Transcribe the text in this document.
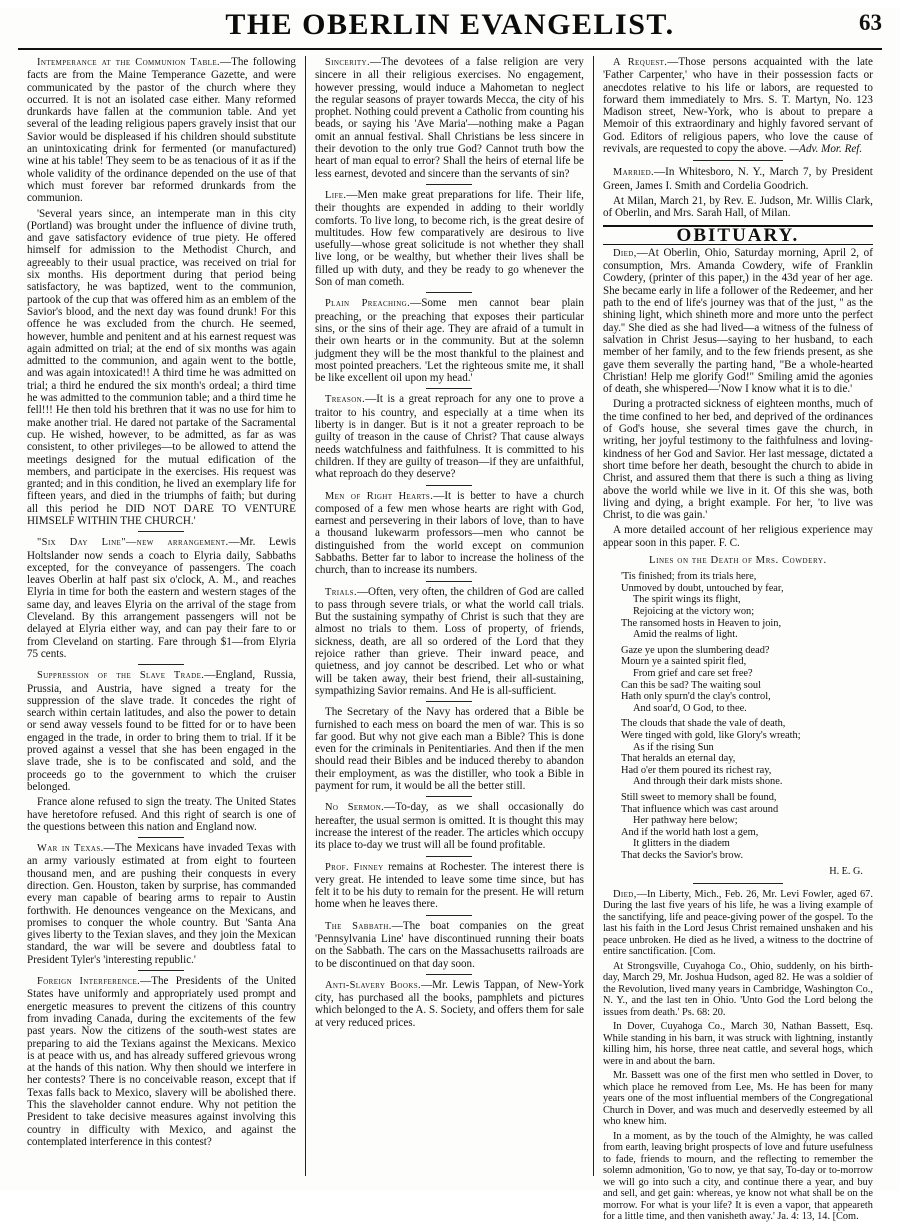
THE OBERLIN EVANGELIST.	63

Intemperance at the Communion Table.—The following facts are from the Maine Temperance Gazette, and were communicated by the pastor of the church where they occurred. It is not an isolated case either. Many reformed drunkards have fallen at the communion table. And yet several of the leading religious papers gravely insist that our Savior would be displeased if his children should substitute an unintoxicating drink for fermented (or manufactured) wine at his table! They seem to be as tenacious of it as if the whole validity of the ordinance depended on the use of that which must forever bar reformed drunkards from the communion.

'Several years since, an intemperate man in this city (Portland) was brought under the influence of divine truth, and gave satisfactory evidence of true piety. He offered himself for admission to the Methodist Church, and agreeably to their usual practice, was received on trial for six months. His deportment during that period being satisfactory, he was baptized, went to the communion, partook of the cup that was offered him as an emblem of the Savior's blood, and the next day was found drunk! For this offence he was excluded from the church. He seemed, however, humble and penitent and at his earnest request was again admitted on trial; at the end of six months was again admitted to the communion, and again went to the bottle, and was again intoxicated!! A third time he was admitted on trial; a third he endured the six month's ordeal; a third time he was admitted to the communion table; and a third time he fell!!! He then told his brethren that it was no use for him to make another trial. He dared not partake of the Sacramental cup. He wished, however, to be admitted, as far as was consistent, to other privileges—to be allowed to attend the meetings designed for the mutual edification of the members, and participate in the exercises. His request was granted; and in this condition, he lived an exemplary life for fifteen years, and died in the triumphs of faith; but during all this period he DID NOT DARE TO VENTURE HIMSELF WITHIN THE CHURCH.'

"Six Day Line"—new arrangement.—Mr. Lewis Holtslander now sends a coach to Elyria daily, Sabbaths excepted, for the conveyance of passengers. The coach leaves Oberlin at half past six o'clock, A. M., and reaches Elyria in time for both the eastern and western stages of the same day, and leaves Elyria on the arrival of the stage from Cleveland. By this arrangement passengers will not be delayed at Elyria either way, and can pay their fare to or from Cleveland on starting. Fare through $1—from Elyria 75 cents.

Suppression of the Slave Trade.—England, Russia, Prussia, and Austria, have signed a treaty for the suppression of the slave trade. It concedes the right of search within certain latitudes, and also the power to detain or send away vessels found to be fitted for or to have been engaged in the trade, in order to bring them to trial. If it be proved against a vessel that she has been engaged in the slave trade, she is to be confiscated and sold, and the proceeds go to the government to which the cruiser belonged.

France alone refused to sign the treaty. The United States have heretofore refused. And this right of search is one of the questions between this nation and England now.

War in Texas.—The Mexicans have invaded Texas with an army variously estimated at from eight to fourteen thousand men, and are pushing their conquests in every direction. Gen. Houston, taken by surprise, has commanded every man capable of bearing arms to repair to Austin forthwith. He denounces vengeance on the Mexicans, and promises to conquer the whole country. But 'Santa Ana gives liberty to the Texian slaves, and they join the Mexican standard, the war will be severe and doubtless fatal to President Tyler's 'interesting republic.'

Foreign Interference.—The Presidents of the United States have uniformly and appropriately used prompt and energetic measures to prevent the citizens of this country from invading Canada, during the excitements of the few past years. Now the citizens of the south-west states are preparing to aid the Texians against the Mexicans. Mexico is at peace with us, and has already suffered grievous wrong at the hands of this nation. Why then should we interfere in her contests? There is no conceivable reason, except that if Texas falls back to Mexico, slavery will be abolished there. This the slaveholder cannot endure. Why not petition the President to take decisive measures against involving this country in difficulty with Mexico, and against the contemplated interference in this contest?

Sincerity.—The devotees of a false religion are very sincere in all their religious exercises. No engagement, however pressing, would induce a Mahometan to neglect the regular seasons of prayer towards Mecca, the city of his prophet. Nothing could prevent a Catholic from counting his beads, or saying his 'Ave Maria'—nothing make a Pagan omit an annual festival. Shall Christians be less sincere in their devotion to the only true God? Cannot truth bow the heart of man equal to error? Shall the heirs of eternal life be less earnest, devoted and sincere than the servants of sin?

Life.—Men make great preparations for life. Their life, their thoughts are expended in adding to their worldly comforts. To live long, to become rich, is the great desire of multitudes. How few comparatively are desirous to live usefully—whose great solicitude is not whether they shall live long, or be wealthy, but whether their lives shall be filled up with duty, and they be ready to go whenever the Son of man cometh.

Plain Preaching.—Some men cannot bear plain preaching, or the preaching that exposes their particular sins, or the sins of their age. They are afraid of a tumult in their own hearts or in the community. But at the solemn judgment they will be the most thankful to the plainest and most pointed preachers. 'Let the righteous smite me, it shall be like excellent oil upon my head.'

Treason.—It is a great reproach for any one to prove a traitor to his country, and especially at a time when its liberty is in danger. But is it not a greater reproach to be guilty of treason in the cause of Christ? That cause always needs watchfulness and faithfulness. It is committed to his children. If they are guilty of treason—if they are unfaithful, what reproach do they deserve?

Men of Right Hearts.—It is better to have a church composed of a few men whose hearts are right with God, earnest and persevering in their labors of love, than to have a thousand lukewarm professors—men who cannot be distinguished from the world except on communion Sabbaths. Better far to labor to increase the holiness of the church, than to increase its numbers.

Trials.—Often, very often, the children of God are called to pass through severe trials, or what the world call trials. But the sustaining sympathy of Christ is such that they are almost no trials to them. Loss of property, of friends, sickness, death, are all so ordered of the Lord that they rejoice rather than grieve. Their inward peace, and quietness, and joy cannot be described. Let who or what will be taken away, their best friend, their all-sustaining, sympathizing Savior remains. And He is all-sufficient.

The Secretary of the Navy has ordered that a Bible be furnished to each mess on board the men of war. This is so far good. But why not give each man a Bible? This is done even for the criminals in Penitentiaries. And then if the men should read their Bibles and be induced thereby to abandon their employment, as was the distiller, who took a Bible in payment for rum, it would be all the better still.

No Sermon.—To-day, as we shall occasionally do hereafter, the usual sermon is omitted. It is thought this may increase the interest of the reader. The articles which occupy its place to-day we trust will all be found profitable.

Prof. Finney remains at Rochester. The interest there is very great. He intended to leave some time since, but has felt it to be his duty to remain for the present. He will return home when he leaves there.

The Sabbath.—The boat companies on the great 'Pennsylvania Line' have discontinued running their boats on the Sabbath. The cars on the Massachusetts railroads are to be discontinued on that day soon.

Anti-Slavery Books.—Mr. Lewis Tappan, of New-York city, has purchased all the books, pamphlets and pictures which belonged to the A. S. Society, and offers them for sale at very reduced prices.

A Request.—Those persons acquainted with the late 'Father Carpenter,' who have in their possession facts or anecdotes relative to his life or labors, are requested to forward them immediately to Mrs. S. T. Martyn, No. 123 Madison street, New-York, who is about to prepare a Memoir of this extraordinary and highly favored servant of God. Editors of religious papers, who love the cause of revivals, are requested to copy the above. —Adv. Mor. Ref.

Married.—In Whitesboro, N. Y., March 7, by President Green, James I. Smith and Cordelia Goodrich.

At Milan, March 21, by Rev. E. Judson, Mr. Willis Clark, of Oberlin, and Mrs. Sarah Hall, of Milan.

OBITUARY.

Died,—At Oberlin, Ohio, Saturday morning, April 2, of consumption, Mrs. Amanda Cowdery, wife of Franklin Cowdery, (printer of this paper,) in the 43d year of her age. She became early in life a follower of the Redeemer, and her path to the end of life's journey was that of the just, '' as the shining light, which shineth more and more unto the perfect day.'' She died as she had lived—a witness of the fulness of salvation in Christ Jesus—saying to her husband, to each member of her family, and to the few friends present, as she gave them severally the parting hand, "Be a whole-hearted Christian! Help me glorify God!" Smiling amid the agonies of death, she whispered—'Now I know what it is to die.'

During a protracted sickness of eighteen months, much of the time confined to her bed, and deprived of the ordinances of God's house, she several times gave the church, in writing, her joyful testimony to the faithfulness and loving-kindness of her God and Savior. Her last message, dictated a short time before her death, besought the church to abide in Christ, and assured them that there is such a thing as living above the world while we live in it. Of this she was, both living and dying, a bright example. For her, 'to live was Christ, to die was gain.'

A more detailed account of her religious experience may appear soon in this paper. F. C.

Lines on the Death of Mrs. Cowdery.
'Tis finished; from its trials here,
Unmoved by doubt, untouched by fear,
The spirit wings its flight,
Rejoicing at the victory won;
The ransomed hosts in Heaven to join,
Amid the realms of light.
Gaze ye upon the slumbering dead?
Mourn ye a sainted spirit fled,
From grief and care set free?
Can this be sad? The waiting soul
Hath only spurn'd the clay's control,
And soar'd, O God, to thee.
The clouds that shade the vale of death,
Were tinged with gold, like Glory's wreath;
As if the rising Sun
That heralds an eternal day,
Had o'er them poured its richest ray,
And through their dark mists shone.
Still sweet to memory shall be found,
That influence which was cast around
Her pathway here below;
And if the world hath lost a gem,
It glitters in the diadem
That decks the Savior's brow.
H. E. G.

Died,—In Liberty, Mich., Feb. 26, Mr. Levi Fowler, aged 67. During the last five years of his life, he was a living example of the sanctifying, life and peace-giving power of the gospel. To the last his faith in the Lord Jesus Christ remained unshaken and his peace unbroken. He died as he lived, a witness to the doctrine of entire sanctification. [Com.

At Strongsville, Cuyahoga Co., Ohio, suddenly, on his birth-day, March 29, Mr. Joshua Hudson, aged 82. He was a soldier of the Revolution, lived many years in Cambridge, Washington Co., N. Y., and the last ten in Ohio. 'Unto God the Lord belong the issues from death.' Ps. 68: 20.

In Dover, Cuyahoga Co., March 30, Nathan Bassett, Esq. While standing in his barn, it was struck with lightning, instantly killing him, his horse, three neat cattle, and several hogs, which were in and about the barn.

Mr. Bassett was one of the first men who settled in Dover, to which place he removed from Lee, Ms. He has been for many years one of the most influential members of the Congregational Church in Dover, and was much and deservedly esteemed by all who knew him.

In a moment, as by the touch of the Almighty, he was called from earth, leaving bright prospects of love and future usefulness to fade, friends to mourn, and the reflecting to remember the solemn admonition, 'Go to now, ye that say, To-day or to-morrow we will go into such a city, and continue there a year, and buy and sell, and get gain: whereas, ye know not what shall be on the morrow. For what is your life? It is even a vapor, that appeareth for a little time, and then vanisheth away.' Ja. 4: 13, 14. [Com.
